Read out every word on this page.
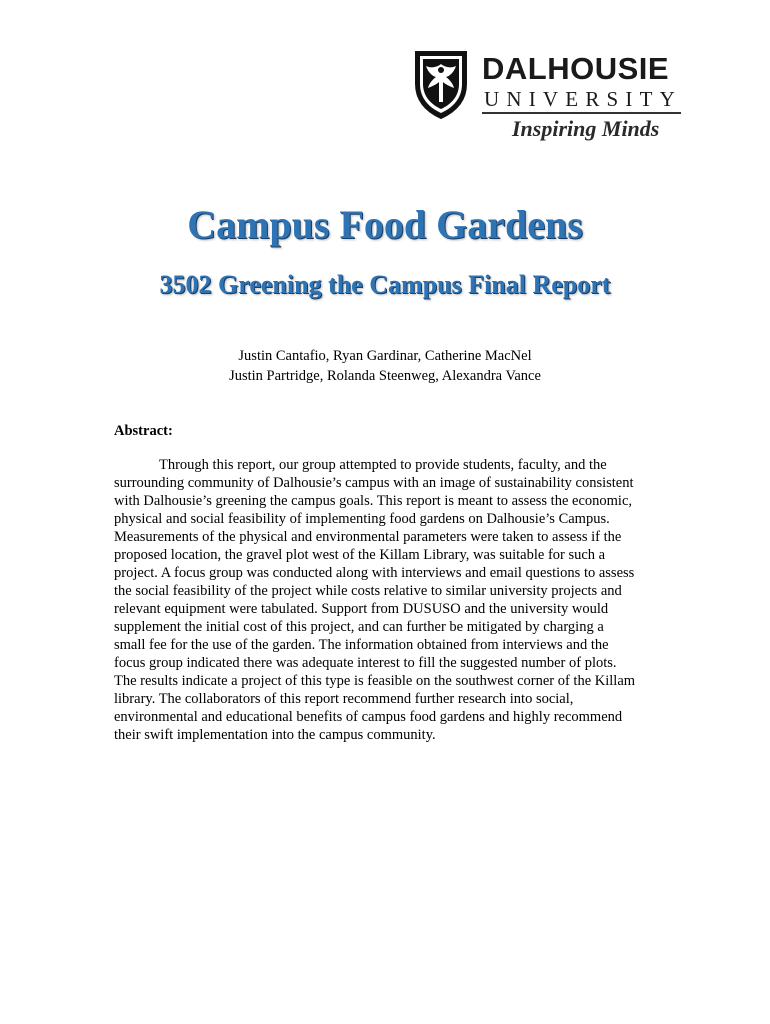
DALHOUSIE
UNIVERSITY
Inspiring Minds
Campus Food Gardens
3502 Greening the Campus Final Report
Justin Cantafio, Ryan Gardinar, Catherine MacNel
Justin Partridge, Rolanda Steenweg, Alexandra Vance
Abstract:
Through this report, our group attempted to provide students, faculty, and the
surrounding community of Dalhousie’s campus with an image of sustainability consistent
with Dalhousie’s greening the campus goals. This report is meant to assess the economic,
physical and social feasibility of implementing food gardens on Dalhousie’s Campus.
Measurements of the physical and environmental parameters were taken to assess if the
proposed location, the gravel plot west of the Killam Library, was suitable for such a
project. A focus group was conducted along with interviews and email questions to assess
the social feasibility of the project while costs relative to similar university projects and
relevant equipment were tabulated. Support from DUSUSO and the university would
supplement the initial cost of this project, and can further be mitigated by charging a
small fee for the use of the garden. The information obtained from interviews and the
focus group indicated there was adequate interest to fill the suggested number of plots.
The results indicate a project of this type is feasible on the southwest corner of the Killam
library. The collaborators of this report recommend further research into social,
environmental and educational benefits of campus food gardens and highly recommend
their swift implementation into the campus community.
